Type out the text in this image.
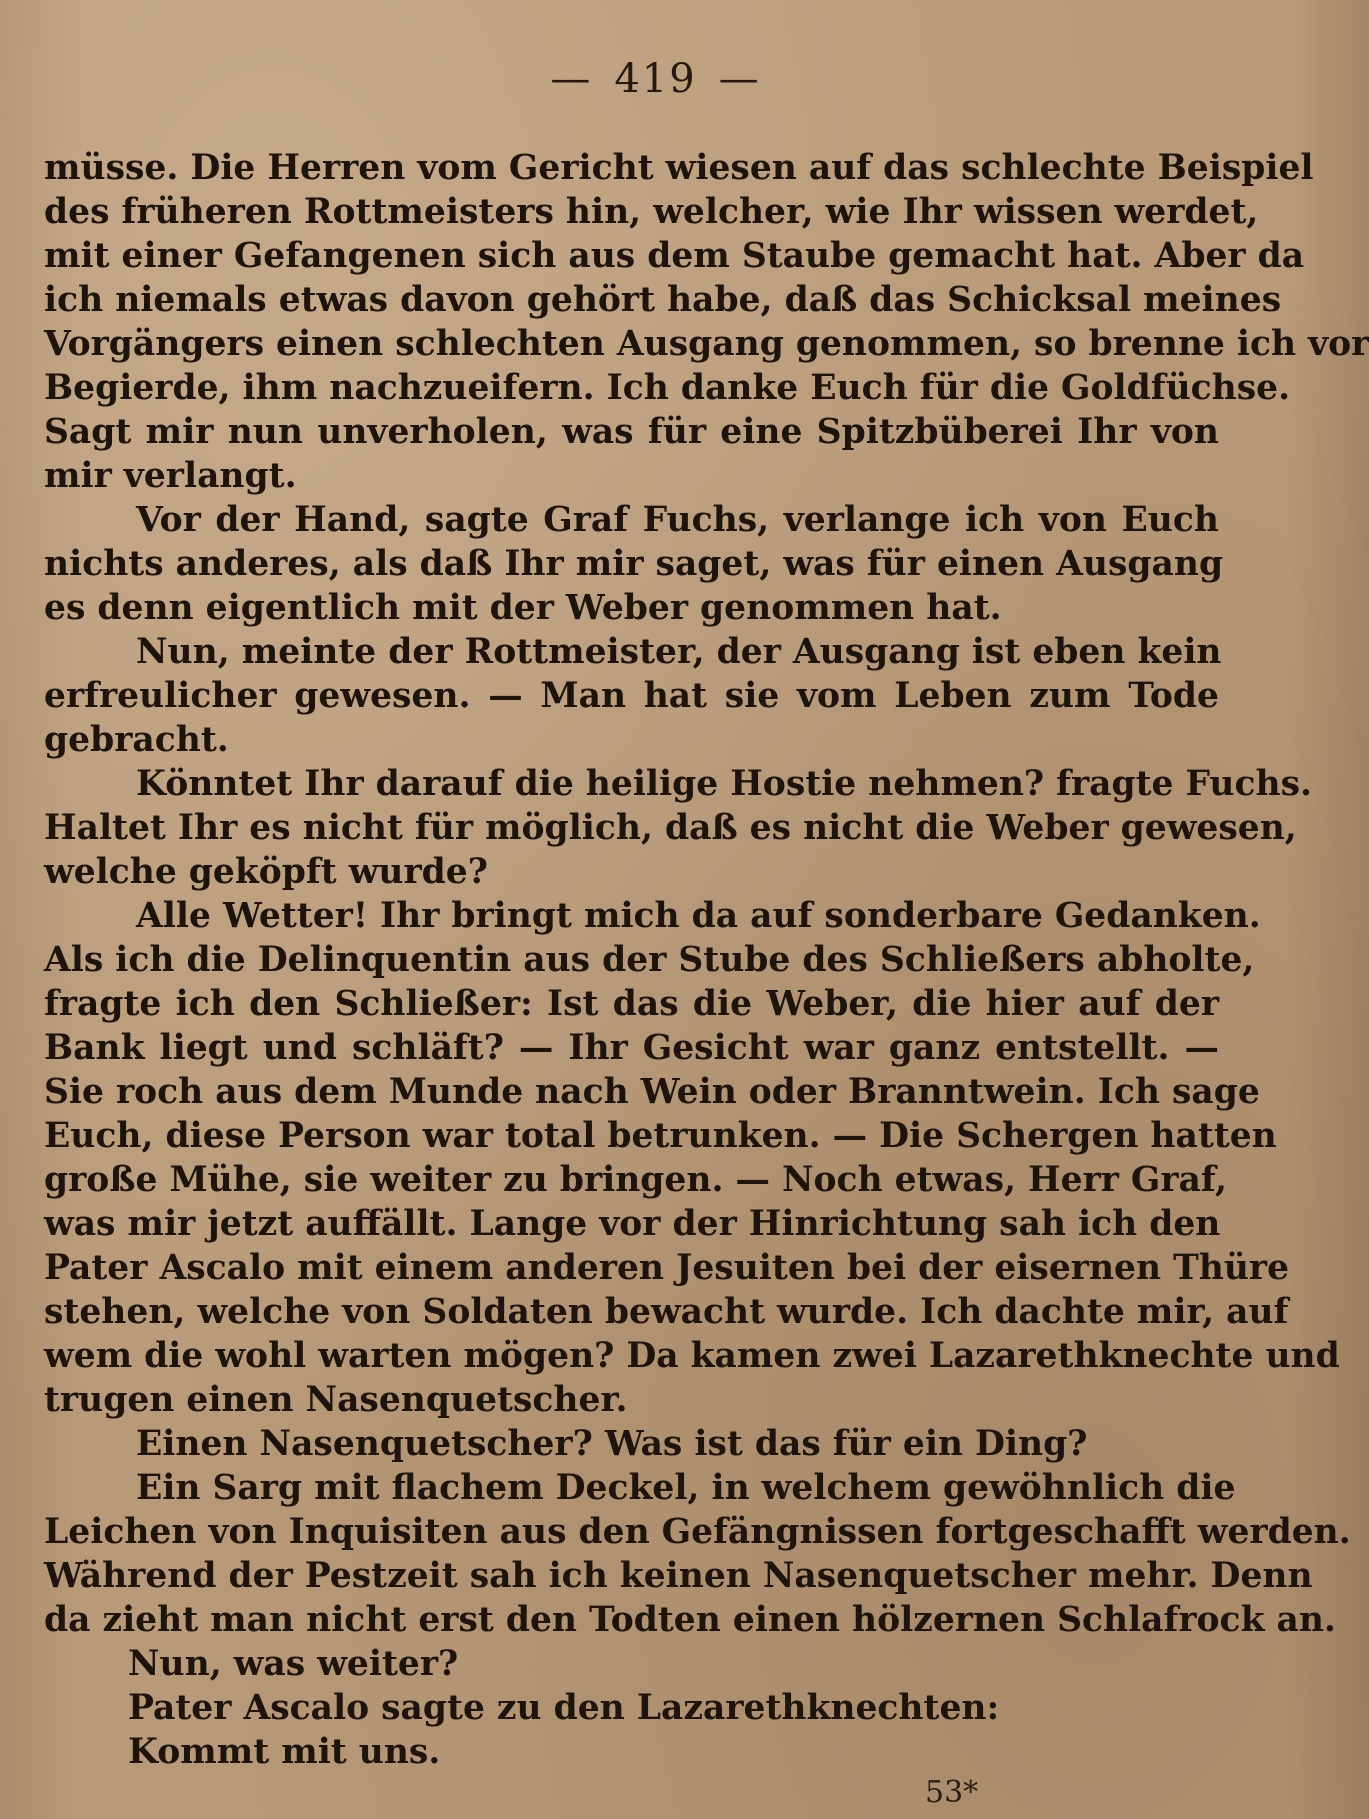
— 419 —
müsse. Die Herren vom Gericht wiesen auf das schlechte Beispiel
des früheren Rottmeisters hin, welcher, wie Ihr wissen werdet,
mit einer Gefangenen sich aus dem Staube gemacht hat. Aber da
ich niemals etwas davon gehört habe, daß das Schicksal meines
Vorgängers einen schlechten Ausgang genommen, so brenne ich vor
Begierde, ihm nachzueifern. Ich danke Euch für die Goldfüchse.
Sagt mir nun unverholen, was für eine Spitzbüberei Ihr von
mir verlangt.
Vor der Hand, sagte Graf Fuchs, verlange ich von Euch
nichts anderes, als daß Ihr mir saget, was für einen Ausgang
es denn eigentlich mit der Weber genommen hat.
Nun, meinte der Rottmeister, der Ausgang ist eben kein
erfreulicher gewesen. — Man hat sie vom Leben zum Tode
gebracht.
Könntet Ihr darauf die heilige Hostie nehmen? fragte Fuchs.
Haltet Ihr es nicht für möglich, daß es nicht die Weber gewesen,
welche geköpft wurde?
Alle Wetter! Ihr bringt mich da auf sonderbare Gedanken.
Als ich die Delinquentin aus der Stube des Schließers abholte,
fragte ich den Schließer: Ist das die Weber, die hier auf der
Bank liegt und schläft? — Ihr Gesicht war ganz entstellt. —
Sie roch aus dem Munde nach Wein oder Branntwein. Ich sage
Euch, diese Person war total betrunken. — Die Schergen hatten
große Mühe, sie weiter zu bringen. — Noch etwas, Herr Graf,
was mir jetzt auffällt. Lange vor der Hinrichtung sah ich den
Pater Ascalo mit einem anderen Jesuiten bei der eisernen Thüre
stehen, welche von Soldaten bewacht wurde. Ich dachte mir, auf
wem die wohl warten mögen? Da kamen zwei Lazarethknechte und
trugen einen Nasenquetscher.
Einen Nasenquetscher? Was ist das für ein Ding?
Ein Sarg mit flachem Deckel, in welchem gewöhnlich die
Leichen von Inquisiten aus den Gefängnissen fortgeschafft werden.
Während der Pestzeit sah ich keinen Nasenquetscher mehr. Denn
da zieht man nicht erst den Todten einen hölzernen Schlafrock an.
Nun, was weiter?
Pater Ascalo sagte zu den Lazarethknechten:
Kommt mit uns.
53*
